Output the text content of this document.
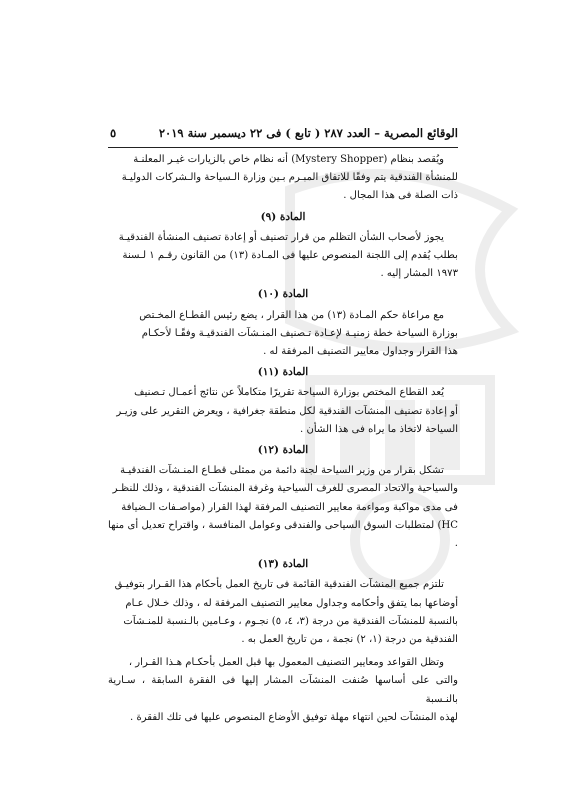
الوقائع المصرية – العدد ٢٨٧ ( تابع ) فى ٢٢ ديسمبر سنة ٢٠١٩
٥

ويُقصد بنظام (Mystery Shopper) أنه نظام خاص بالزيارات غيـر المعلنـة

للمنشأة الفندقية يتم وفقًا للاتفاق المبـرم بـين وزارة الـسياحة والـشركات الدوليـة

ذات الصلة فى هذا المجال .

المادة (٩)

يجوز لأصحاب الشأن التظلم من قرار تصنيف أو إعادة تصنيف المنشأة الفندقيـة

بطلب يُقدم إلى اللجنة المنصوص عليها فى المـادة (١٣) من القانون رقـم ١ لـسنة

١٩٧٣ المشار إليه .

المادة (١٠)

مع مراعاة حكم المـادة (١٣) من هذا القرار ، يضع رئيس القطـاع المخـتص

بوزارة السياحة خطة زمنيـة لإعـادة تـصنيف المنـشآت الفندقيـة وفقًـا لأحكـام

هذا القرار وجداول معايير التصنيف المرفقة له .

المادة (١١)

يُعد القطاع المختص بوزارة السياحة تقريرًا متكاملاً عن نتائج أعمـال تـصنيف

أو إعادة تصنيف المنشآت الفندقية لكل منطقة جغرافية ، ويعرض التقرير على وزيـر

السياحة لاتخاذ ما يراه فى هذا الشأن .

المادة (١٢)

تشكل بقرار من وزير السياحة لجنة دائمة من ممثلى قطـاع المنـشآت الفندقيـة

والسياحية والاتحاد المصرى للغرف السياحية وغرفة المنشآت الفندقية ، وذلك للنظـر

فى مدى مواكبة ومواءمة معايير التصنيف المرفقة لهذا القرار (مواصـفات الـضيافة

HC) لمتطلبات السوق السياحى والفندقى وعوامل المنافسة ، واقتراح تعديل أى منها .

المادة (١٣)

تلتزم جميع المنشآت الفندقية القائمة فى تاريخ العمل بأحكام هذا القـرار بتوفيـق

أوضاعها بما يتفق وأحكامه وجداول معايير التصنيف المرفقة له ، وذلك خـلال عـام

بالنسبة للمنشآت الفندقية من درجة (٣، ٤، ٥) نجـوم ، وعـامين بالـنسبة للمنـشآت

الفندقية من درجة (١، ٢) نجمة ، من تاريخ العمل به .

وتظل القواعد ومعايير التصنيف المعمول بها قبل العمل بأحكـام هـذا القـرار ،

والتى على أساسها صُنفت المنشآت المشار إليها فى الفقرة السابقة ، سـارية بالنـسبة

لهذه المنشآت لحين انتهاء مهلة توفيق الأوضاع المنصوص عليها فى تلك الفقرة .
